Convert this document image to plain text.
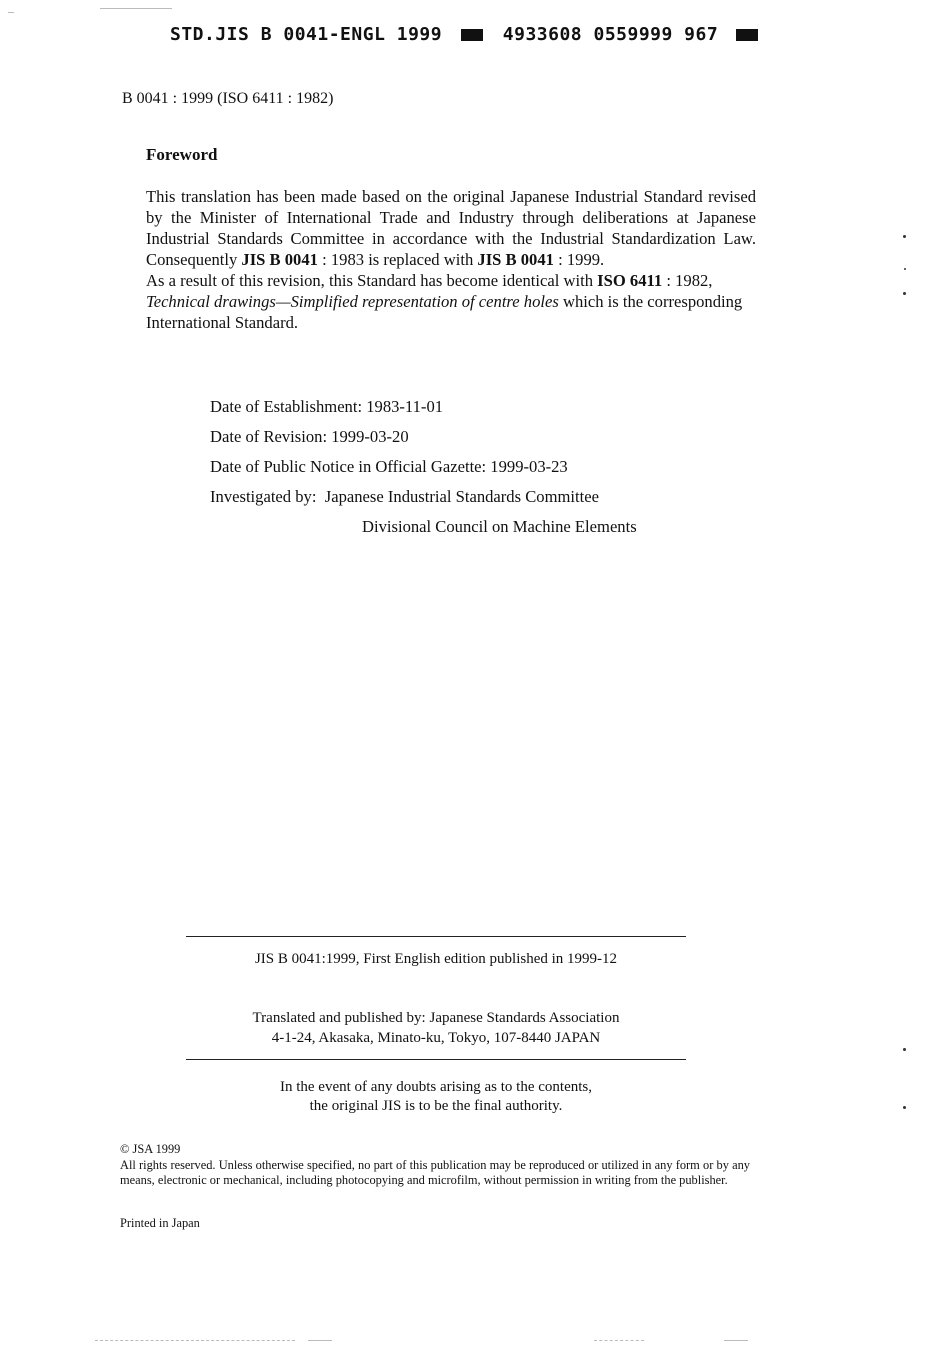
STD.JIS B 0041-ENGL 1999	4933608 0559999 967
B 0041 : 1999 (ISO 6411 : 1982)
Foreword

This translation has been made based on the original Japanese Industrial Standard revised by the Minister of International Trade and Industry through deliberations at Japanese Industrial Standards Committee in accordance with the Industrial Standardization Law. Consequently JIS B 0041 : 1983 is replaced with JIS B 0041 : 1999.

As a result of this revision, this Standard has become identical with ISO 6411 : 1982, Technical drawings—Simplified representation of centre holes which is the corresponding International Standard.

Date of Establishment: 1983-11-01
Date of Revision: 1999-03-20
Date of Public Notice in Official Gazette: 1999-03-23
Investigated by: Japanese Industrial Standards Committee
Divisional Council on Machine Elements
JIS B 0041:1999, First English edition published in 1999-12
Translated and published by: Japanese Standards Association
4-1-24, Akasaka, Minato-ku, Tokyo, 107-8440 JAPAN
In the event of any doubts arising as to the contents,
the original JIS is to be the final authority.

© JSA 1999

All rights reserved. Unless otherwise specified, no part of this publication may be reproduced or utilized in any form or by any means, electronic or mechanical, including photocopying and microfilm, without permission in writing from the publisher.

Printed in Japan
